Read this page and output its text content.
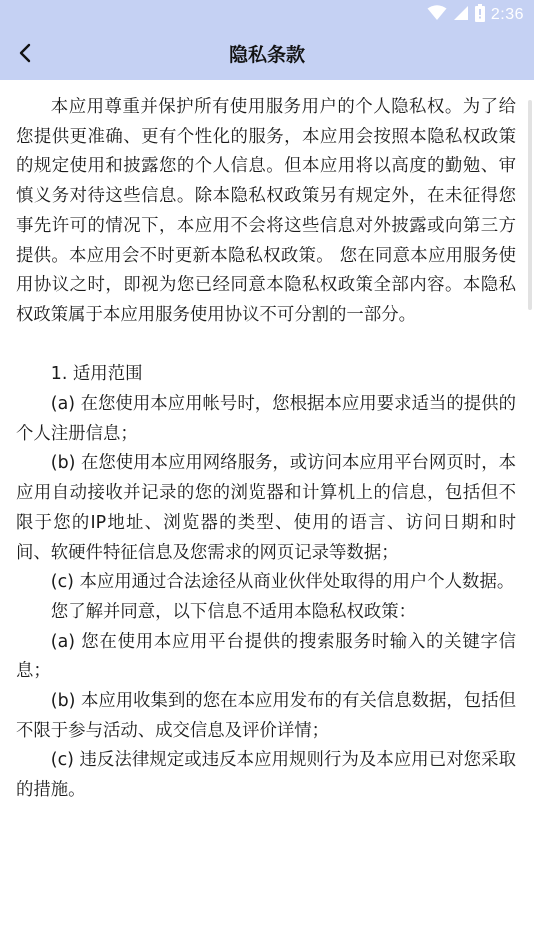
2:36
隐私条款

本应用尊重并保护所有使用服务用户的个人隐私权。为了给您提供更准确、更有个性化的服务，本应用会按照本隐私权政策的规定使用和披露您的个人信息。但本应用将以高度的勤勉、审慎义务对待这些信息。除本隐私权政策另有规定外，在未征得您事先许可的情况下，本应用不会将这些信息对外披露或向第三方提供。本应用会不时更新本隐私权政策。 您在同意本应用服务使用协议之时，即视为您已经同意本隐私权政策全部内容。本隐私权政策属于本应用服务使用协议不可分割的一部分。

1. 适用范围

(a) 在您使用本应用帐号时，您根据本应用要求适当的提供的个人注册信息；

(b) 在您使用本应用网络服务，或访问本应用平台网页时，本应用自动接收并记录的您的浏览器和计算机上的信息，包括但不限于您的IP地址、浏览器的类型、使用的语言、访问日期和时间、软硬件特征信息及您需求的网页记录等数据；

(c) 本应用通过合法途径从商业伙伴处取得的用户个人数据。

您了解并同意，以下信息不适用本隐私权政策：

(a) 您在使用本应用平台提供的搜索服务时输入的关键字信息；

(b) 本应用收集到的您在本应用发布的有关信息数据，包括但不限于参与活动、成交信息及评价详情；

(c) 违反法律规定或违反本应用规则行为及本应用已对您采取的措施。
